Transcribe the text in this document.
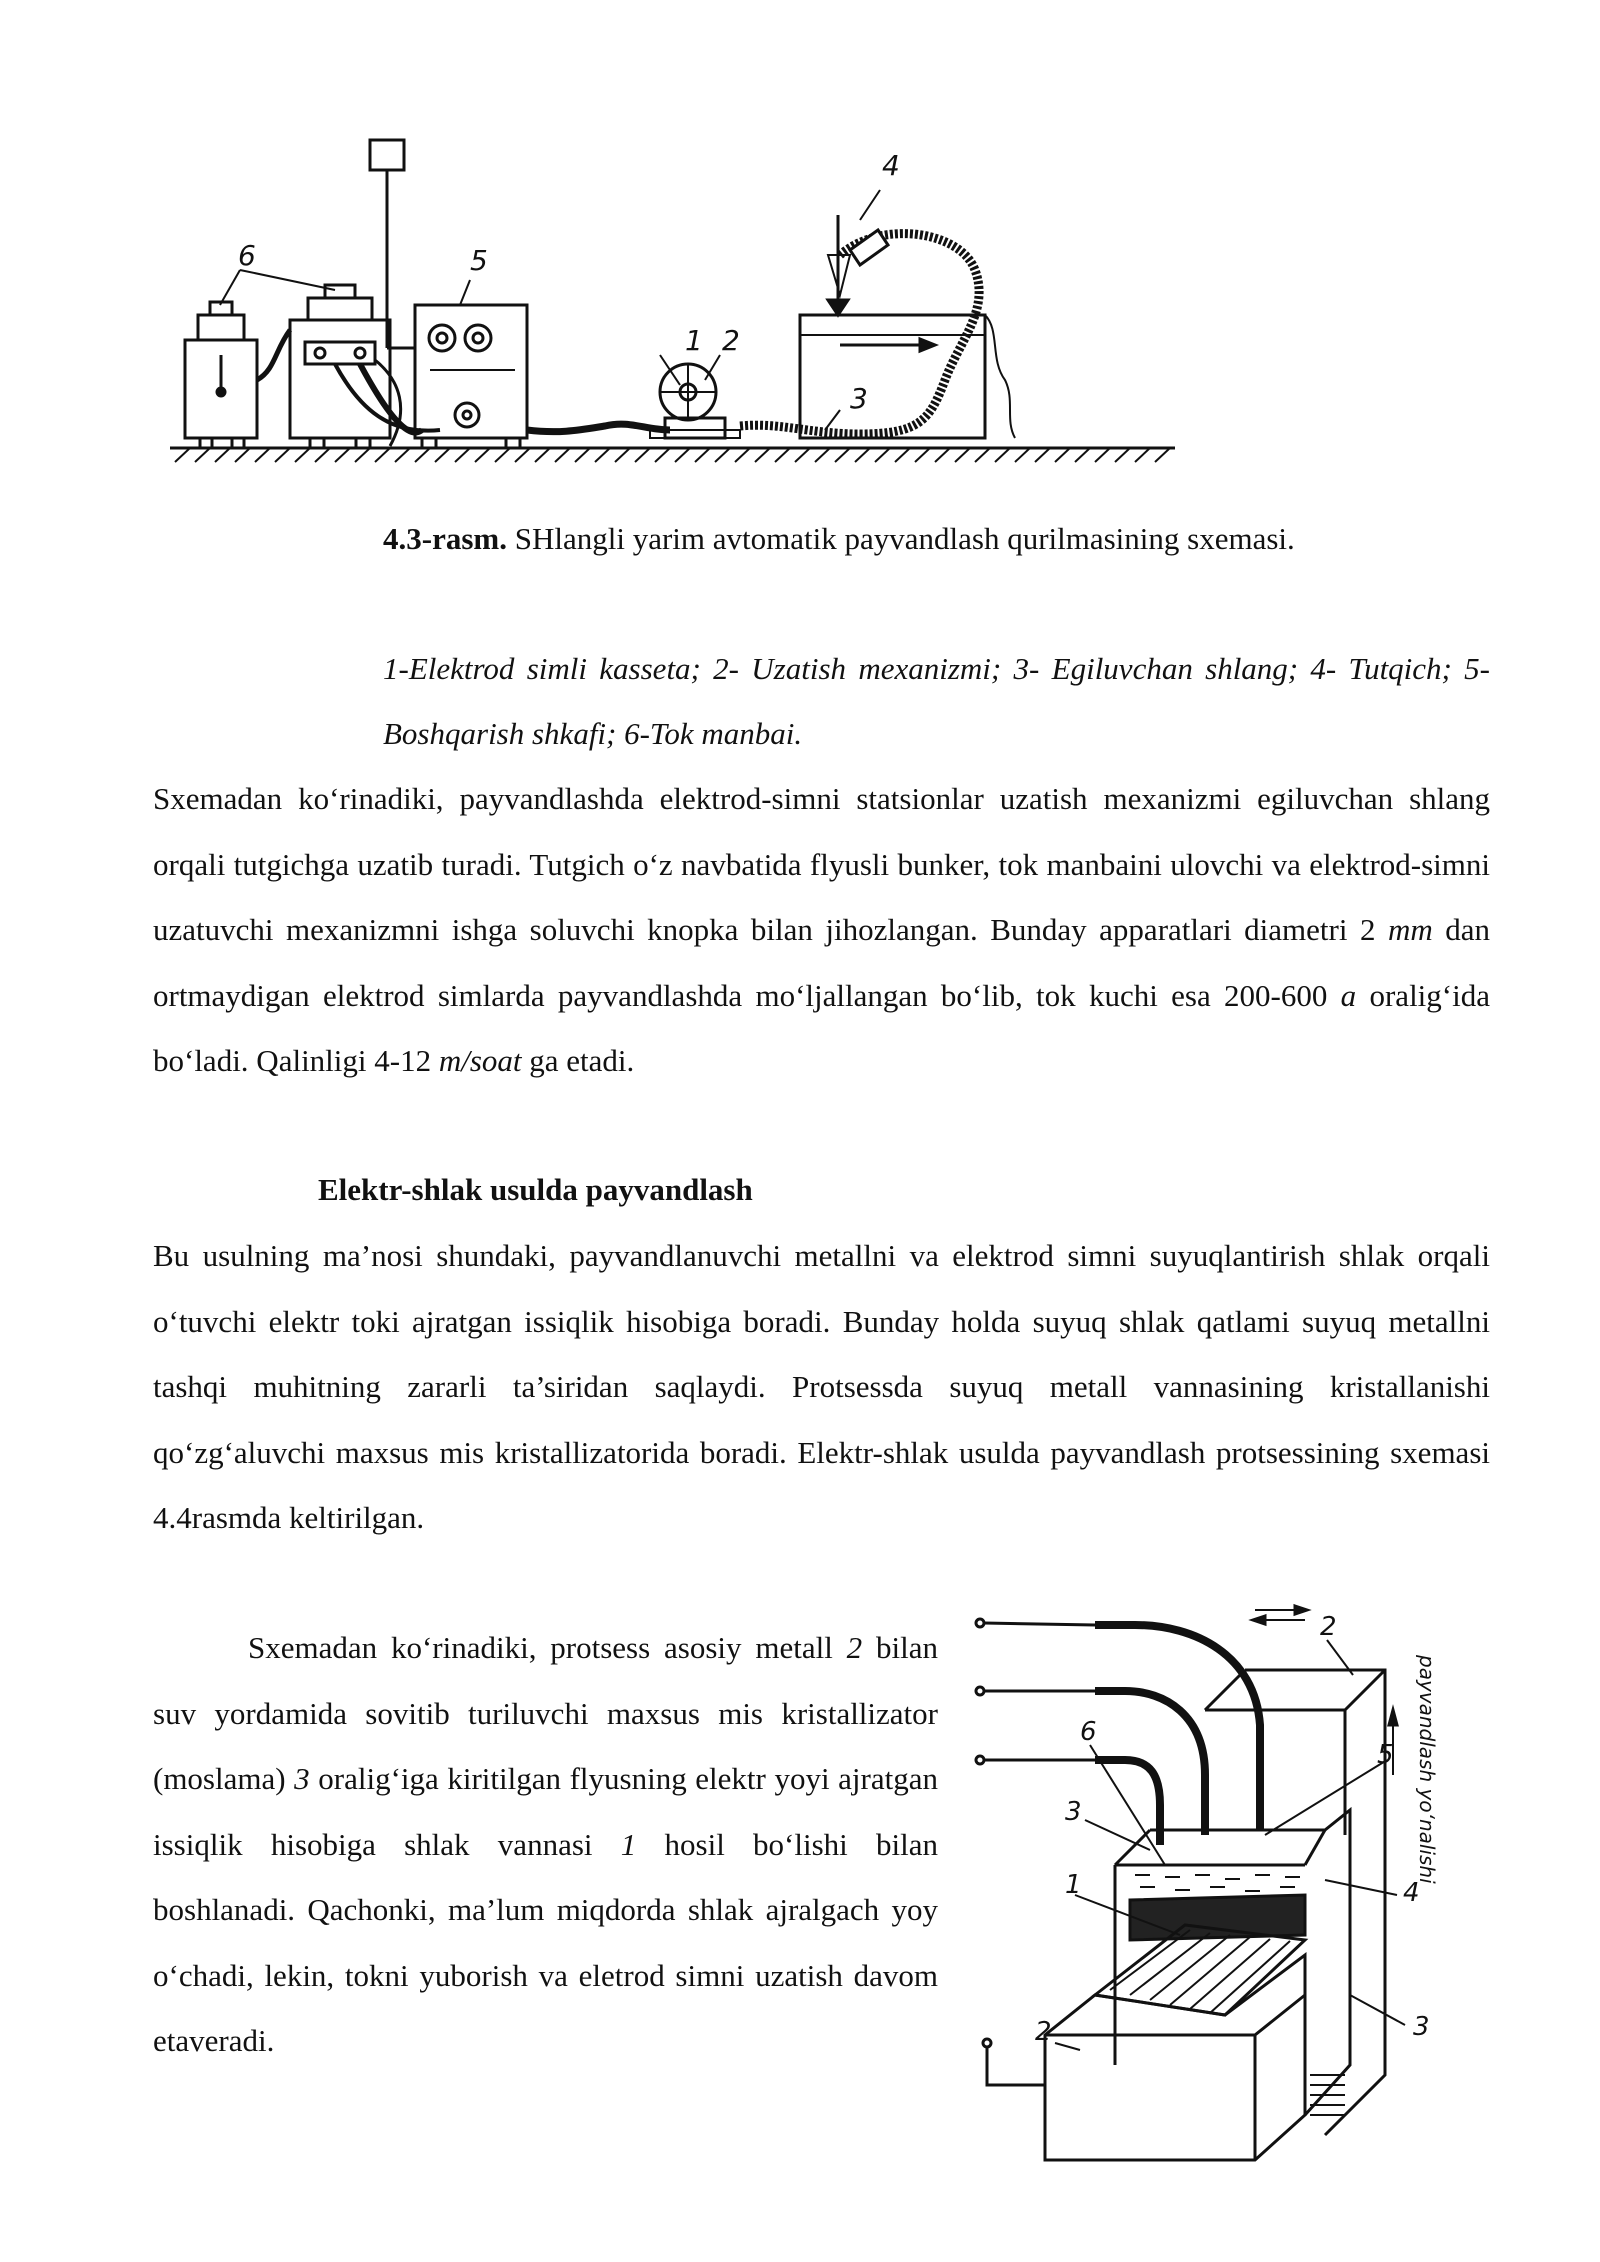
1 2
3
4
5
6
4.3-rasm. SHlangli yarim avtomatik payvandlash qurilmasining sxemasi.
1-Elektrod simli kasseta; 2- Uzatish mexanizmi; 3- Egiluvchan shlang; 4- Tutqich; 5-Boshqarish shkafi; 6-Tok manbai.
Sxemadan ko‘rinadiki, payvandlashda elektrod-simni statsionlar uzatish mexanizmi egiluvchan shlang orqali tutgichga uzatib turadi. Tutgich o‘z navbatida flyusli bunker, tok manbaini ulovchi va elektrod-simni uzatuvchi mexanizmni ishga soluvchi knopka bilan jihozlangan. Bunday apparatlari diametri 2 mm dan ortmaydigan elektrod simlarda payvandlashda mo‘ljallangan bo‘lib, tok kuchi esa 200-600 a oralig‘ida bo‘ladi. Qalinligi 4-12 m/soat ga etadi.
Elektr-shlak usulda payvandlash
Bu usulning ma’nosi shundaki, payvandlanuvchi metallni va elektrod simni suyuqlantirish shlak orqali o‘tuvchi elektr toki ajratgan issiqlik hisobiga boradi. Bunday holda suyuq shlak qatlami suyuq metallni tashqi muhitning zararli ta’siridan saqlaydi. Protsessda suyuq metall vannasining kristallanishi qo‘zg‘aluvchi maxsus mis kristallizatorida boradi. Elektr-shlak usulda payvandlash protsessining sxemasi 4.4rasmda keltirilgan.
Sxemadan ko‘rinadiki, protsess asosiy metall 2 bilan suv yordamida sovitib turiluvchi maxsus mis kristallizator (moslama) 3 oralig‘iga kiritilgan flyusning elektr yoyi ajratgan issiqlik hisobiga shlak vannasi 1 hosil bo‘lishi bilan boshlanadi. Qachonki, ma’lum miqdorda shlak ajralgach yoy o‘chadi, lekin, tokni yuborish va eletrod simni uzatish davom etaveradi.
2
5
6
3
1	4
3
2
payvandlash yo‘nalishi
